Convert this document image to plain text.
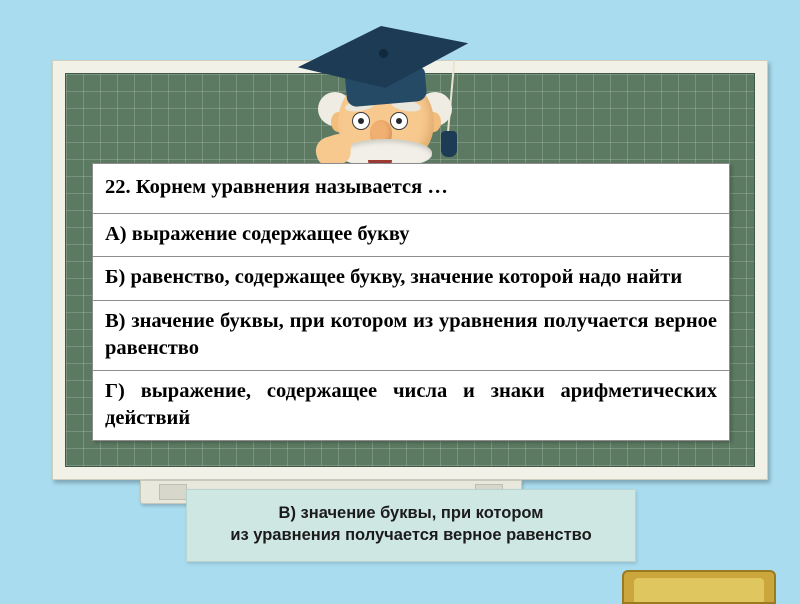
22. Корнем уравнения называется …
А) выражение содержащее букву
Б) равенство, содержащее букву, значение которой надо найти
В) значение буквы, при котором из уравнения получается верное равенство
Г) выражение, содержащее числа и знаки арифметических действий
В) значение буквы, при котором
из уравнения получается верное равенство
